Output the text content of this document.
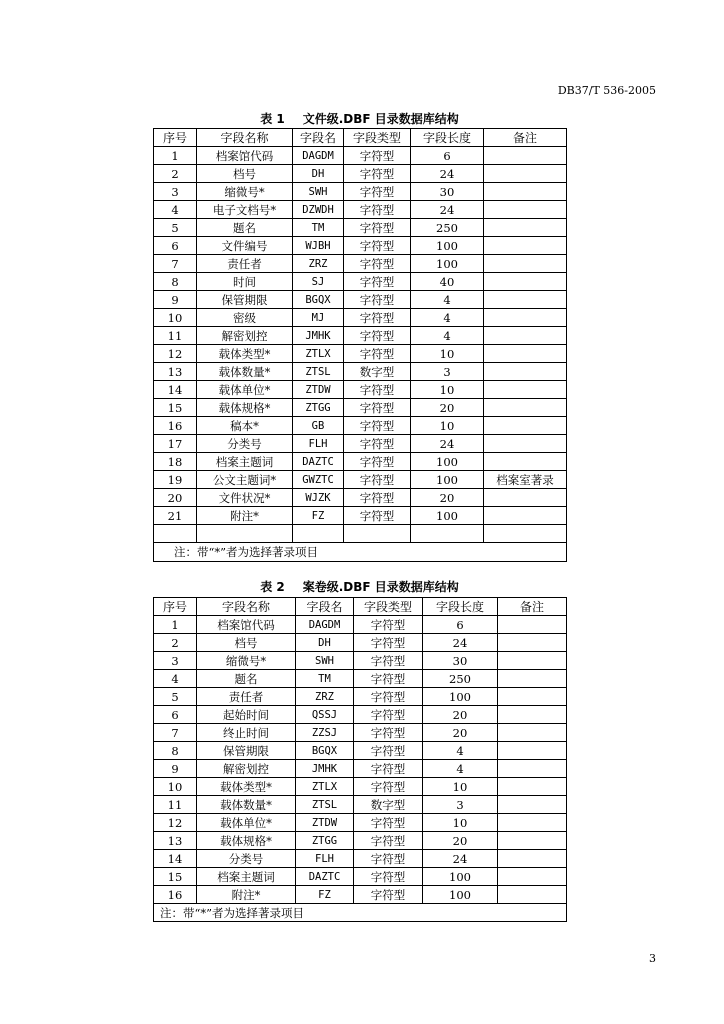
DB37/T 536-2005
表 1 文件级.DBF 目录数据库结构
序号	字段名称	字段名	字段类型	字段长度	备注
1	档案馆代码	DAGDM	字符型	6	
2	档号	DH	字符型	24	
3	缩微号*	SWH	字符型	30	
4	电子文档号*	DZWDH	字符型	24	
5	题名	TM	字符型	250	
6	文件编号	WJBH	字符型	100	
7	责任者	ZRZ	字符型	100	
8	时间	SJ	字符型	40	
9	保管期限	BGQX	字符型	4	
10	密级	MJ	字符型	4	
11	解密划控	JMHK	字符型	4	
12	载体类型*	ZTLX	字符型	10	
13	载体数量*	ZTSL	数字型	3	
14	载体单位*	ZTDW	字符型	10	
15	载体规格*	ZTGG	字符型	20	
16	稿本*	GB	字符型	10	
17	分类号	FLH	字符型	24	
18	档案主题词	DAZTC	字符型	100	
19	公文主题词*	GWZTC	字符型	100	档案室著录
20	文件状况*	WJZK	字符型	20	
21	附注*	FZ	字符型	100	

注：带“*”者为选择著录项目					
表 2 案卷级.DBF 目录数据库结构
序号	字段名称	字段名	字段类型	字段长度	备注
1	档案馆代码	DAGDM	字符型	6	
2	档号	DH	字符型	24	
3	缩微号*	SWH	字符型	30	
4	题名	TM	字符型	250	
5	责任者	ZRZ	字符型	100	
6	起始时间	QSSJ	字符型	20	
7	终止时间	ZZSJ	字符型	20	
8	保管期限	BGQX	字符型	4	
9	解密划控	JMHK	字符型	4	
10	载体类型*	ZTLX	字符型	10	
11	载体数量*	ZTSL	数字型	3	
12	载体单位*	ZTDW	字符型	10	
13	载体规格*	ZTGG	字符型	20	
14	分类号	FLH	字符型	24	
15	档案主题词	DAZTC	字符型	100	
16	附注*	FZ	字符型	100	
注：带“*”者为选择著录项目					
3
